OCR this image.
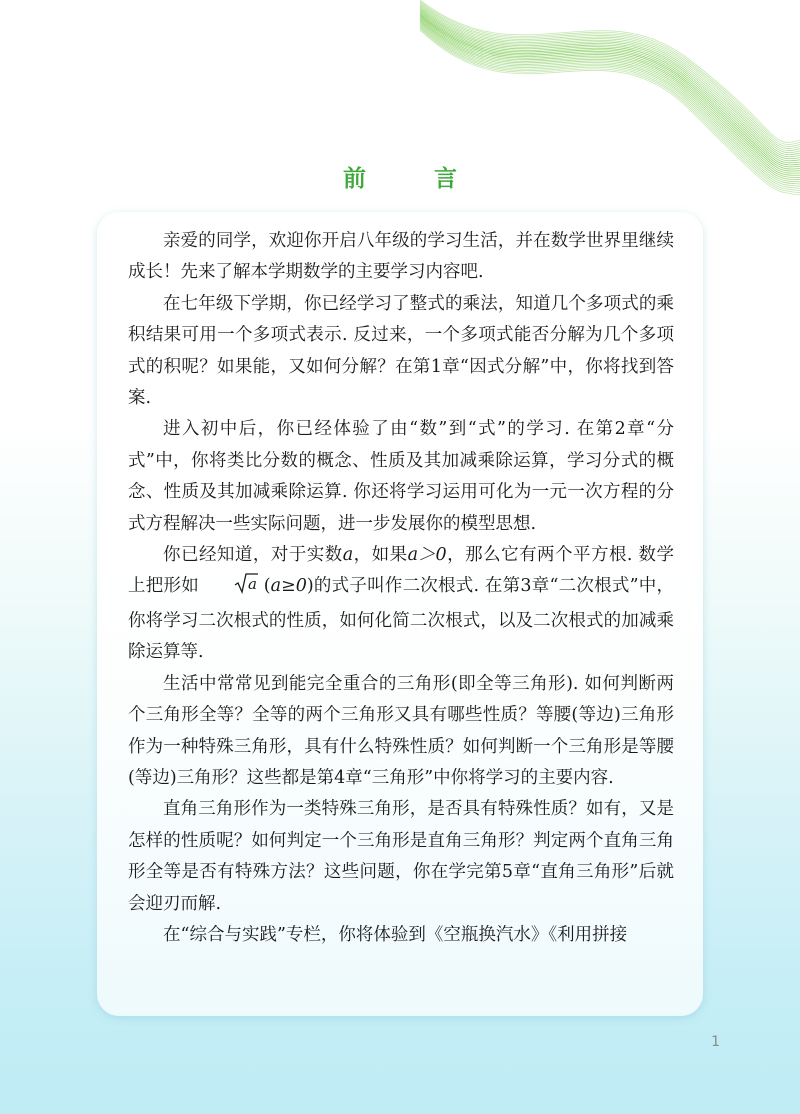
前 言

亲爱的同学，欢迎你开启八年级的学习生活，并在数学世界里继续成长！先来了解本学期数学的主要学习内容吧.

在七年级下学期，你已经学习了整式的乘法，知道几个多项式的乘积结果可用一个多项式表示. 反过来，一个多项式能否分解为几个多项式的积呢？如果能，又如何分解？在第1章“因式分解”中，你将找到答案.

进入初中后，你已经体验了由“数”到“式”的学习. 在第2章“分式”中，你将类比分数的概念、性质及其加减乘除运算，学习分式的概念、性质及其加减乘除运算. 你还将学习运用可化为一元一次方程的分式方程解决一些实际问题，进一步发展你的模型思想.

你已经知道，对于实数a，如果a＞0，那么它有两个平方根. 数学上把形如	a (a≥0)的式子叫作二次根式. 在第3章“二次根式”中，你将学习二次根式的性质，如何化简二次根式，以及二次根式的加减乘除运算等.

生活中常常见到能完全重合的三角形(即全等三角形). 如何判断两个三角形全等？全等的两个三角形又具有哪些性质？等腰(等边)三角形作为一种特殊三角形，具有什么特殊性质？如何判断一个三角形是等腰(等边)三角形？这些都是第4章“三角形”中你将学习的主要内容.

直角三角形作为一类特殊三角形，是否具有特殊性质？如有，又是怎样的性质呢？如何判定一个三角形是直角三角形？判定两个直角三角形全等是否有特殊方法？这些问题，你在学完第5章“直角三角形”后就会迎刃而解.

在“综合与实践”专栏，你将体验到《空瓶换汽水》《利用拼接

1
